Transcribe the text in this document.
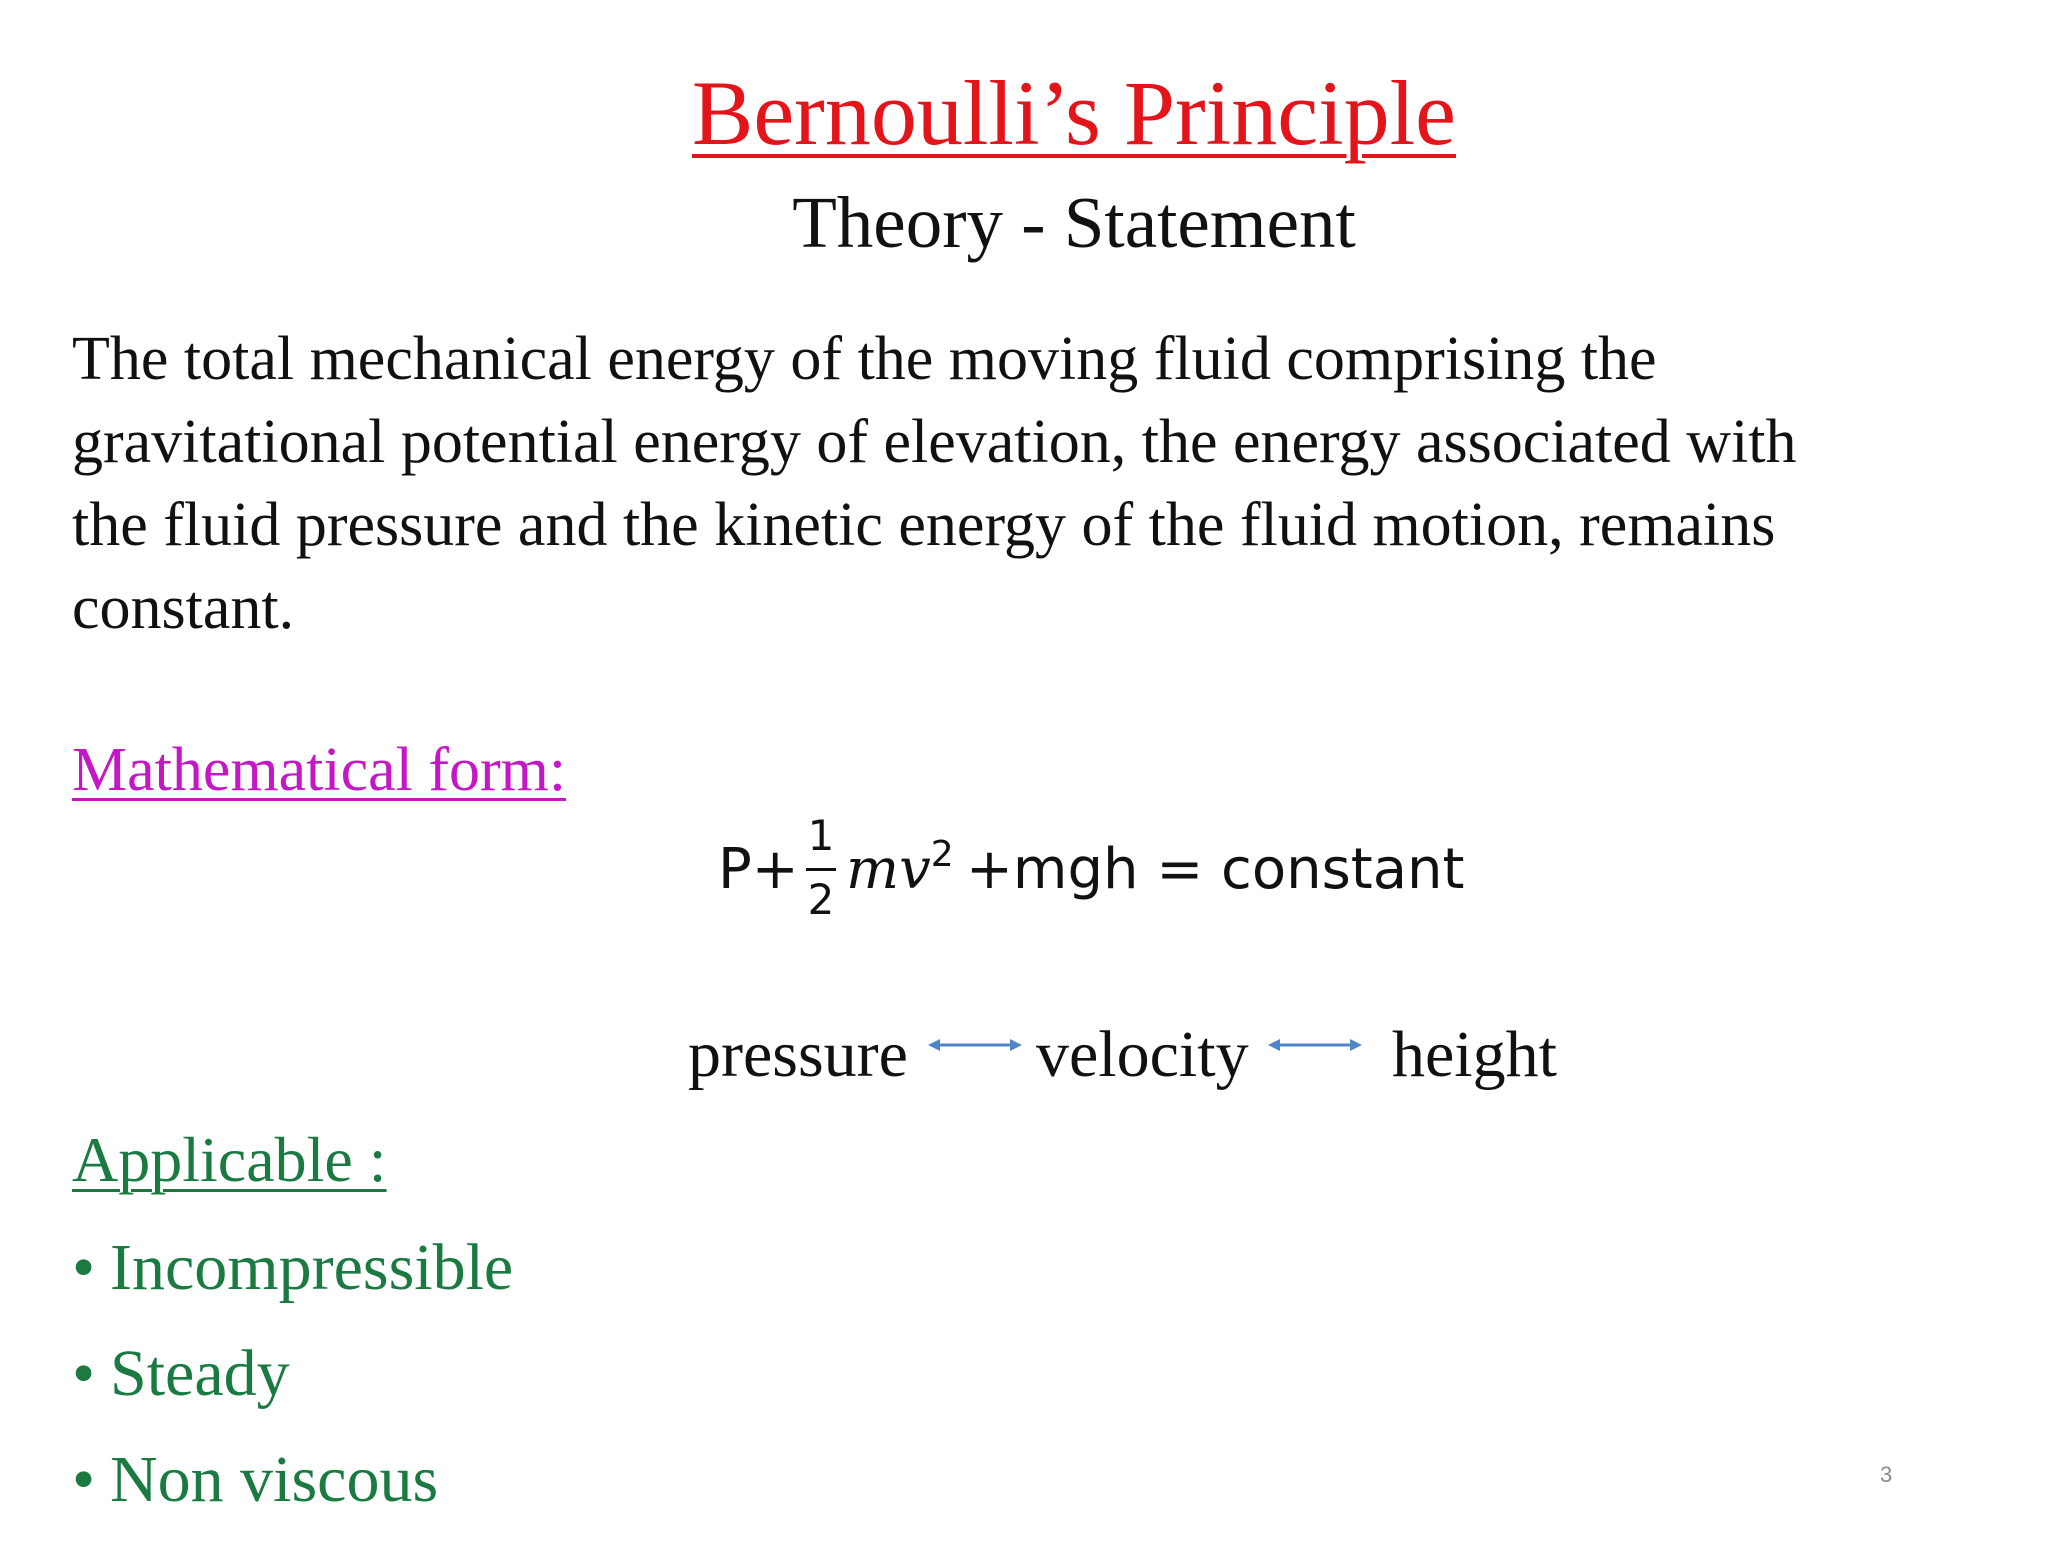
Bernoulli’s Principle
Theory - Statement
The total mechanical energy of the moving fluid comprising the
gravitational potential energy of elevation, the energy associated with
the fluid pressure and the kinetic energy of the fluid motion, remains
constant.
Mathematical form:
P+
1
2 $mv^2 +mgh$ = constant
pressure velocity height
Applicable :
• Incompressible
• Steady
• Non viscous	3
